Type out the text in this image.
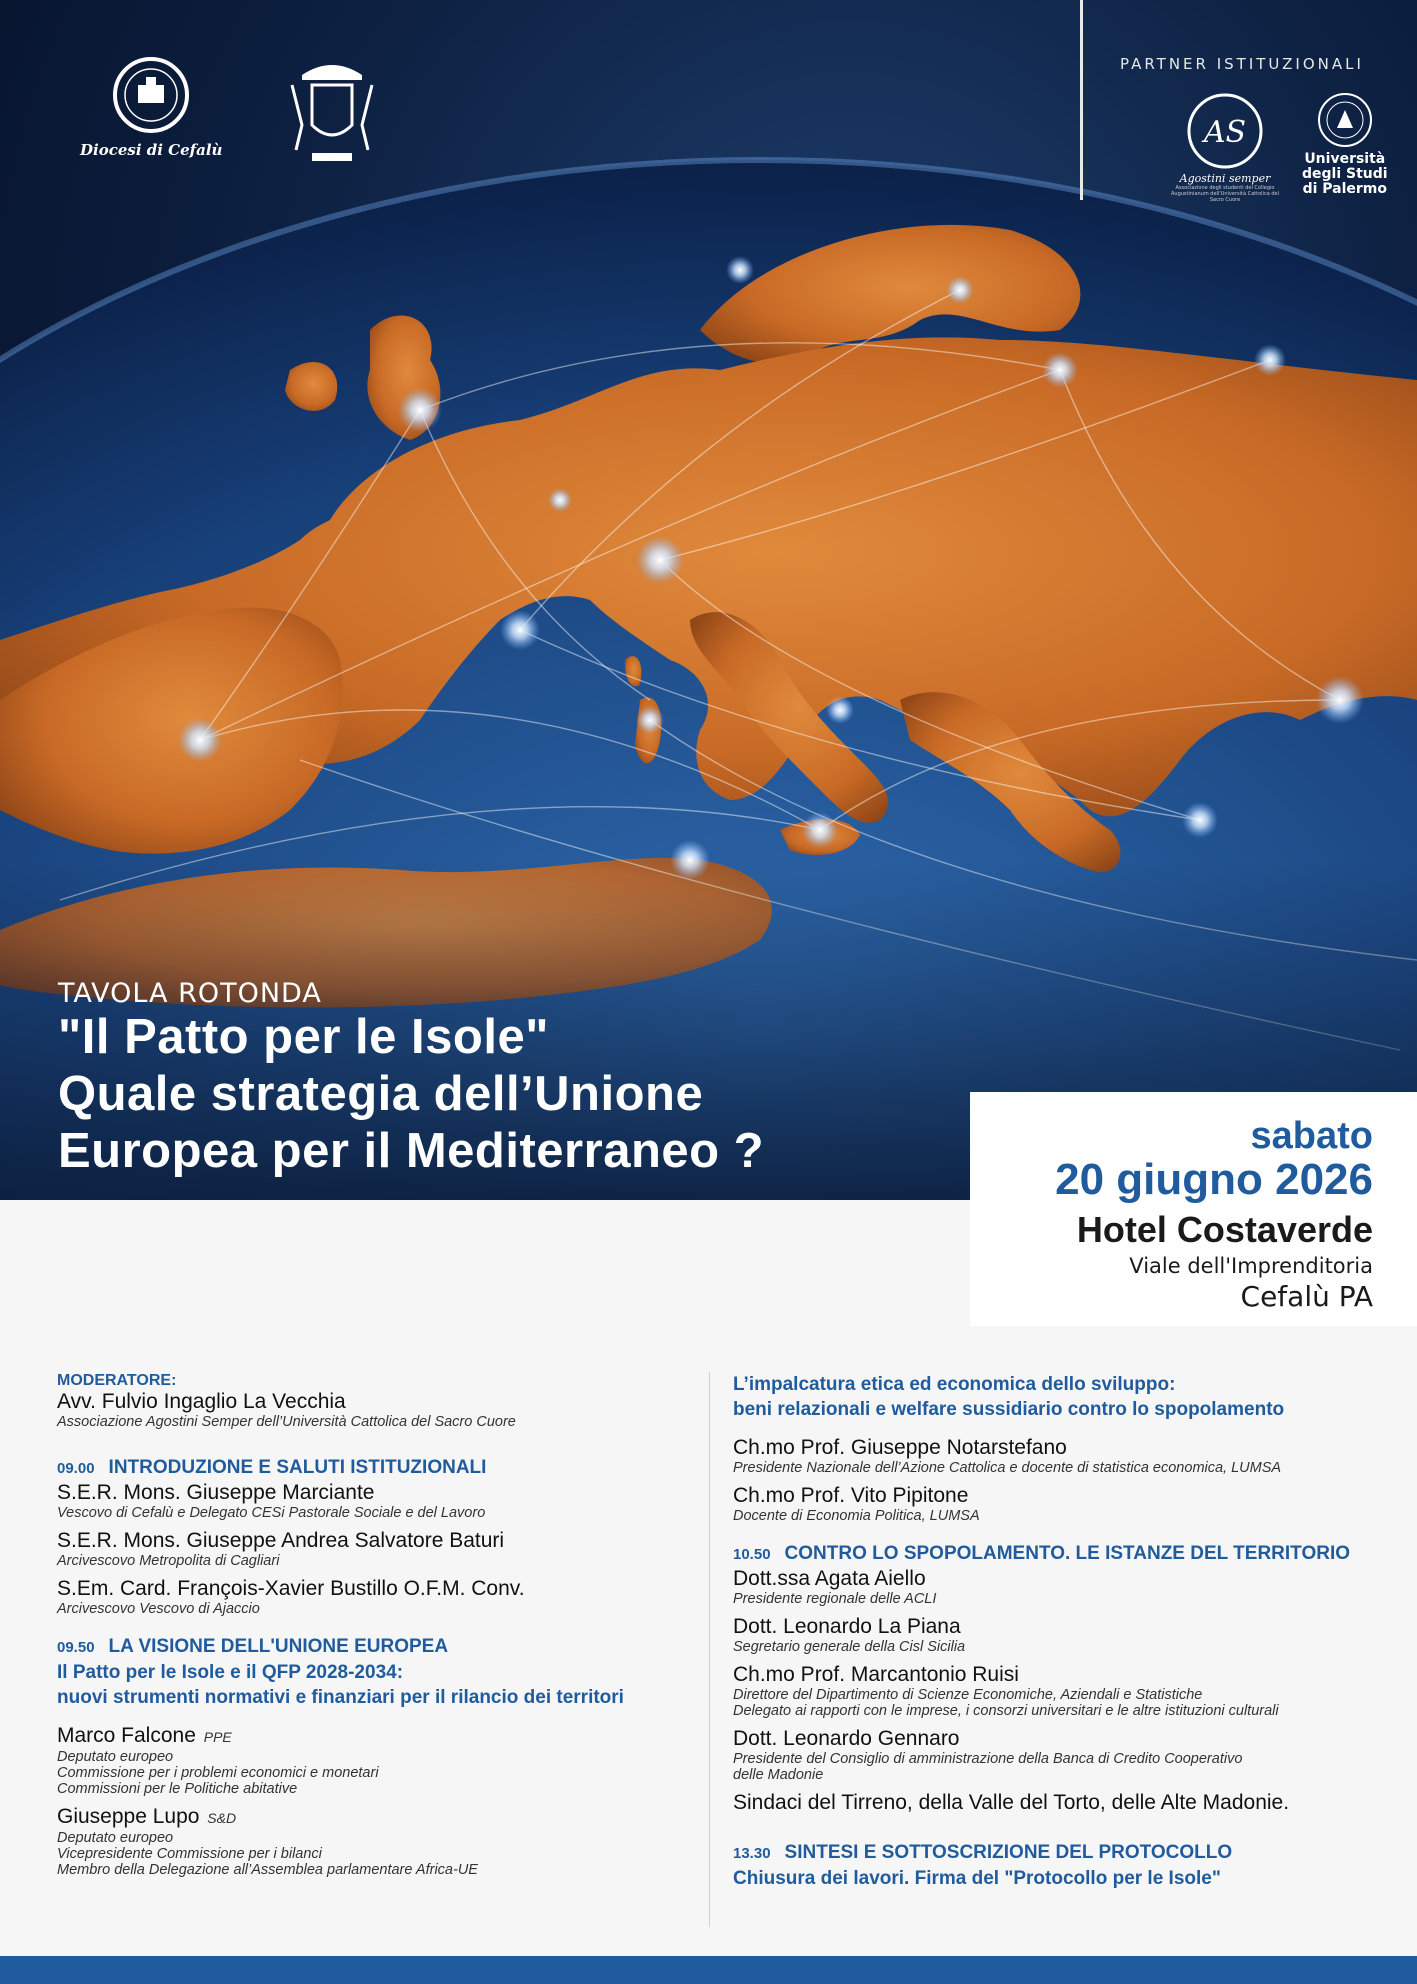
Diocesi di Cefalù
PARTNER ISTITUZIONALI
AS
Agostini semper
Associazione degli studenti del Collegio Augustinianum dell'Università Cattolica del Sacro Cuore
Università
degli Studi
di Palermo
TAVOLA ROTONDA
"Il Patto per le Isole"
Quale strategia dell’Unione
Europea per il Mediterraneo ?	sabato
20 giugno 2026
Hotel Costaverde
Viale dell'Imprenditoria
Cefalù PA
MODERATORE:
Avv. Fulvio Ingaglio La Vecchia
Associazione Agostini Semper dell’Università Cattolica del Sacro Cuore
09.00 INTRODUZIONE E SALUTI ISTITUZIONALI
S.E.R. Mons. Giuseppe Marciante
Vescovo di Cefalù e Delegato CESi Pastorale Sociale e del Lavoro
S.E.R. Mons. Giuseppe Andrea Salvatore Baturi
Arcivescovo Metropolita di Cagliari
S.Em. Card. François-Xavier Bustillo O.F.M. Conv.
Arcivescovo Vescovo di Ajaccio
09.50 LA VISIONE DELL'UNIONE EUROPEA
Il Patto per le Isole e il QFP 2028-2034:
nuovi strumenti normativi e finanziari per il rilancio dei territori
Marco Falcone PPE
Deputato europeo
Commissione per i problemi economici e monetari
Commissioni per le Politiche abitative
Giuseppe Lupo S&D
Deputato europeo
Vicepresidente Commissione per i bilanci
Membro della Delegazione all’Assemblea parlamentare Africa-UE
L’impalcatura etica ed economica dello sviluppo:
beni relazionali e welfare sussidiario contro lo spopolamento
Ch.mo Prof. Giuseppe Notarstefano
Presidente Nazionale dell’Azione Cattolica e docente di statistica economica, LUMSA
Ch.mo Prof. Vito Pipitone
Docente di Economia Politica, LUMSA
10.50 CONTRO LO SPOPOLAMENTO. LE ISTANZE DEL TERRITORIO
Dott.ssa Agata Aiello
Presidente regionale delle ACLI
Dott. Leonardo La Piana
Segretario generale della Cisl Sicilia
Ch.mo Prof. Marcantonio Ruisi
Direttore del Dipartimento di Scienze Economiche, Aziendali e Statistiche
Delegato ai rapporti con le imprese, i consorzi universitari e le altre istituzioni culturali
Dott. Leonardo Gennaro
Presidente del Consiglio di amministrazione della Banca di Credito Cooperativo
delle Madonie
Sindaci del Tirreno, della Valle del Torto, delle Alte Madonie.
13.30 SINTESI E SOTTOSCRIZIONE DEL PROTOCOLLO
Chiusura dei lavori. Firma del "Protocollo per le Isole"
